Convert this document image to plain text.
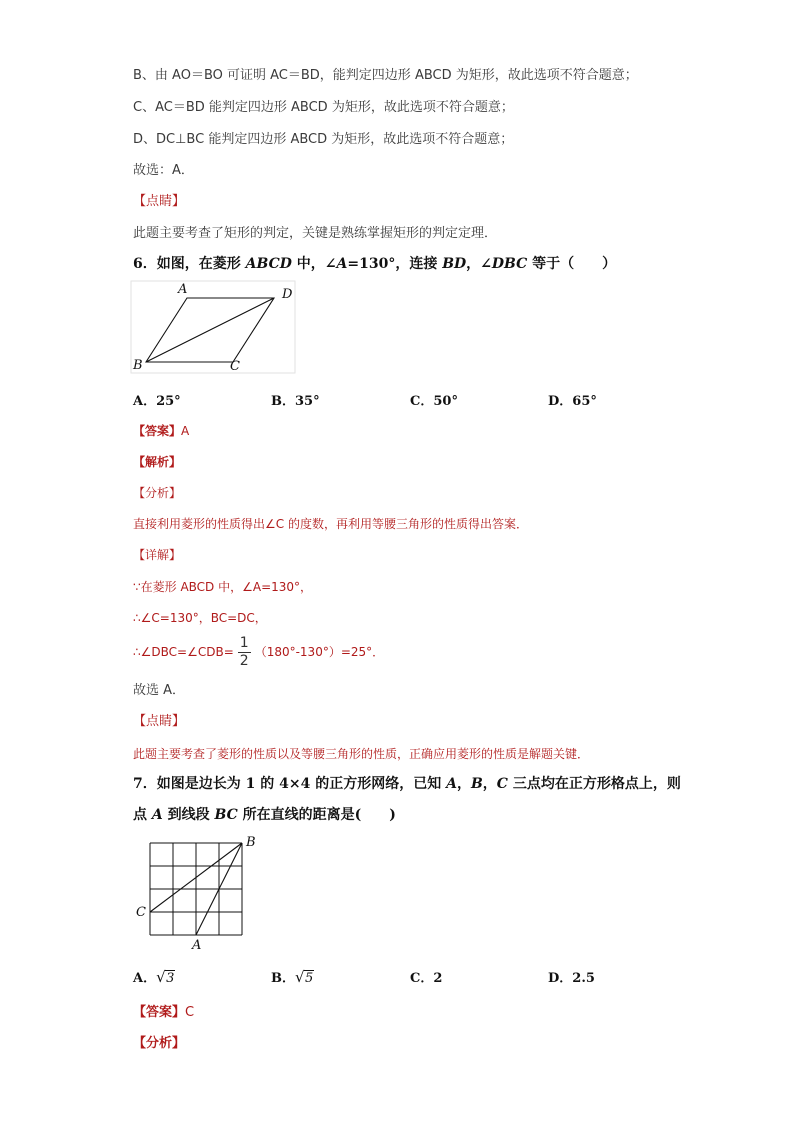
B、由 AO＝BO 可证明 AC＝BD，能判定四边形 ABCD 为矩形，故此选项不符合题意；
C、AC＝BD 能判定四边形 ABCD 为矩形，故此选项不符合题意；
D、DC⊥BC 能判定四边形 ABCD 为矩形，故此选项不符合题意；
故选：A．
【点睛】
此题主要考查了矩形的判定，关键是熟练掌握矩形的判定定理．
6．如图，在菱形 ABCD 中，∠A=130°，连接 BD，∠DBC 等于（　　）
A	D
B	C
A．25°	B．35°	C．50°	D．65°
【答案】A
【解析】
【分析】
直接利用菱形的性质得出∠C 的度数，再利用等腰三角形的性质得出答案．
【详解】
∵在菱形 ABCD 中，∠A=130°，
∴∠C=130°，BC=DC，
∴∠DBC=∠CDB= $\frac{1}{2} (180^\circ-130^\circ)=25^\circ$．
故选 A．
【点睛】
此题主要考查了菱形的性质以及等腰三角形的性质，正确应用菱形的性质是解题关键．
7．如图是边长为 1 的 4×4 的正方形网络，已知 A，B，C 三点均在正方形格点上，则
点 A 到线段 BC 所在直线的距离是(　　)
B
C
A
A． √ 3	B． √ 5	C．2	D．2.5
【答案】C
【分析】
